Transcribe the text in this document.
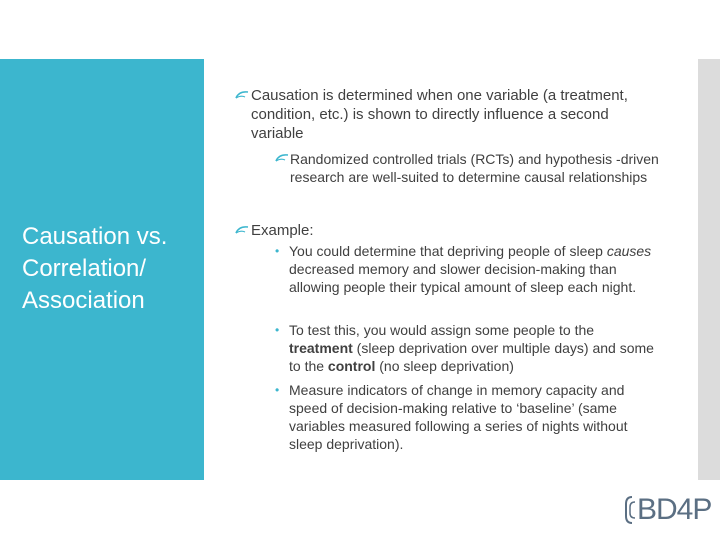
Causation vs. Correlation/ Association
Causation is determined when one variable (a treatment, condition, etc.) is shown to directly influence a second variable
Randomized controlled trials (RCTs) and hypothesis -driven research are well-suited to determine causal relationships
Example:
• You could determine that depriving people of sleep causes decreased memory and slower decision-making than allowing people their typical amount of sleep each night.
• To test this, you would assign some people to the treatment (sleep deprivation over multiple days) and some to the control (no sleep deprivation)
• Measure indicators of change in memory capacity and speed of decision-making relative to ‘baseline’ (same variables measured following a series of nights without sleep deprivation).
BD4P
